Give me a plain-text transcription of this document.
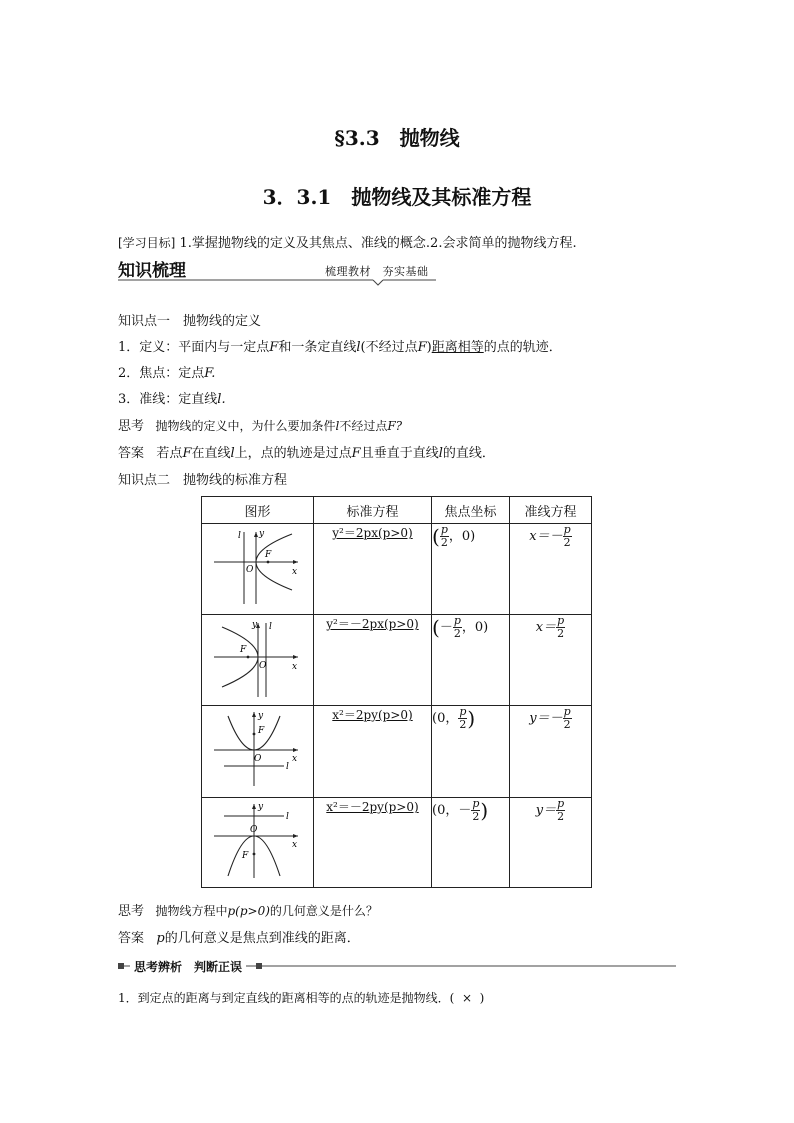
§3.3　抛物线
3．3.1　抛物线及其标准方程
[学习目标] 1.掌握抛物线的定义及其焦点、准线的概念.2.会求简单的抛物线方程.
知识梳理	梳理教材　夯实基础
知识点一　抛物线的定义
1．定义：平面内与一定点F和一条定直线l(不经过点F)距离相等的点的轨迹．
2．焦点：定点F.
3．准线：定直线l.
思考 抛物线的定义中，为什么要加条件l不经过点F?
答案 若点F在直线l上，点的轨迹是过点F且垂直于直线l的直线．
知识点二　抛物线的标准方程
图形	标准方程	焦点坐标	准线方程

x
y
O
F
l	y²＝2px(p>0)	( $\frac{p}{2}$ ，0)	$x=- \frac{p}{2}$

x
y
O
F
l	y²＝－2px(p>0)	(－ $\frac{p}{2}$ ，0)	$x= \frac{p}{2}$

x
y
O
F
l	x²＝2py(p>0)	(0， $\frac{p}{2}$ )	$y=- \frac{p}{2}$

x
y
O
F
l	x²＝－2py(p>0)	(0，－ $\frac{p}{2}$ )	$y= \frac{p}{2}$
思考 抛物线方程中p(p>0)的几何意义是什么？
答案 p的几何意义是焦点到准线的距离．
思考辨析　判断正误
1．到定点的距离与到定直线的距离相等的点的轨迹是抛物线．( × )
